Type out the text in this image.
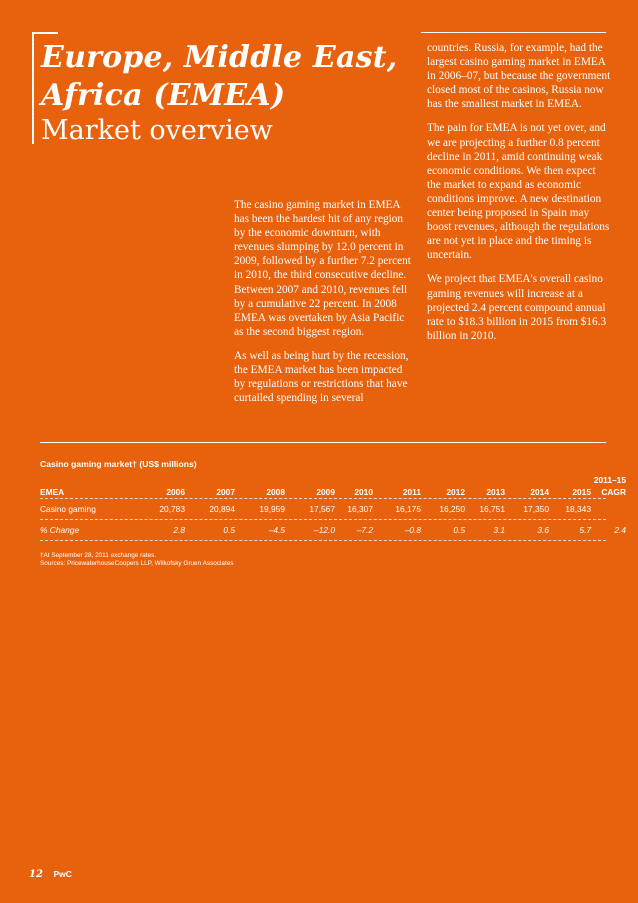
Europe, Middle East,
Africa (EMEA)
Market overview

The casino gaming market in EMEA has been the hardest hit of any region by the economic downturn, with revenues slumping by 12.0 percent in 2009, followed by a further 7.2 percent in 2010, the third consecutive decline. Between 2007 and 2010, revenues fell by a cumulative 22 percent. In 2008 EMEA was overtaken by Asia Pacific as the second biggest region.

As well as being hurt by the recession, the EMEA market has been impacted by regulations or restrictions that have curtailed spending in several

countries. Russia, for example, had the largest casino gaming market in EMEA in 2006–07, but because the government closed most of the casinos, Russia now has the smallest market in EMEA.

The pain for EMEA is not yet over, and we are projecting a further 0.8 percent decline in 2011, amid continuing weak economic conditions. We then expect the market to expand as economic conditions improve. A new destination center being proposed in Spain may boost revenues, although the regulations are not yet in place and the timing is uncertain.

We project that EMEA's overall casino gaming revenues will increase at a projected 2.4 percent compound annual rate to $18.3 billion in 2015 from $16.3 billion in 2010.

Casino gaming market† (US$ millions)
2011–15
EMEA	2006	2007	2008	2009	2010	2011	2012	2013	2014	2015	CAGR
Casino gaming	20,783	20,894	19,959	17,567	16,307	16,175	16,250	16,751	17,350	18,343
% Change	2.8	0.5	–4.5	–12.0	–7.2	–0.8	0.5	3.1	3.6	5.7	2.4
†At September 28, 2011 exchange rates.
Sources: PricewaterhouseCoopers LLP, Wilkofsky Gruen Associates
12 PwC
